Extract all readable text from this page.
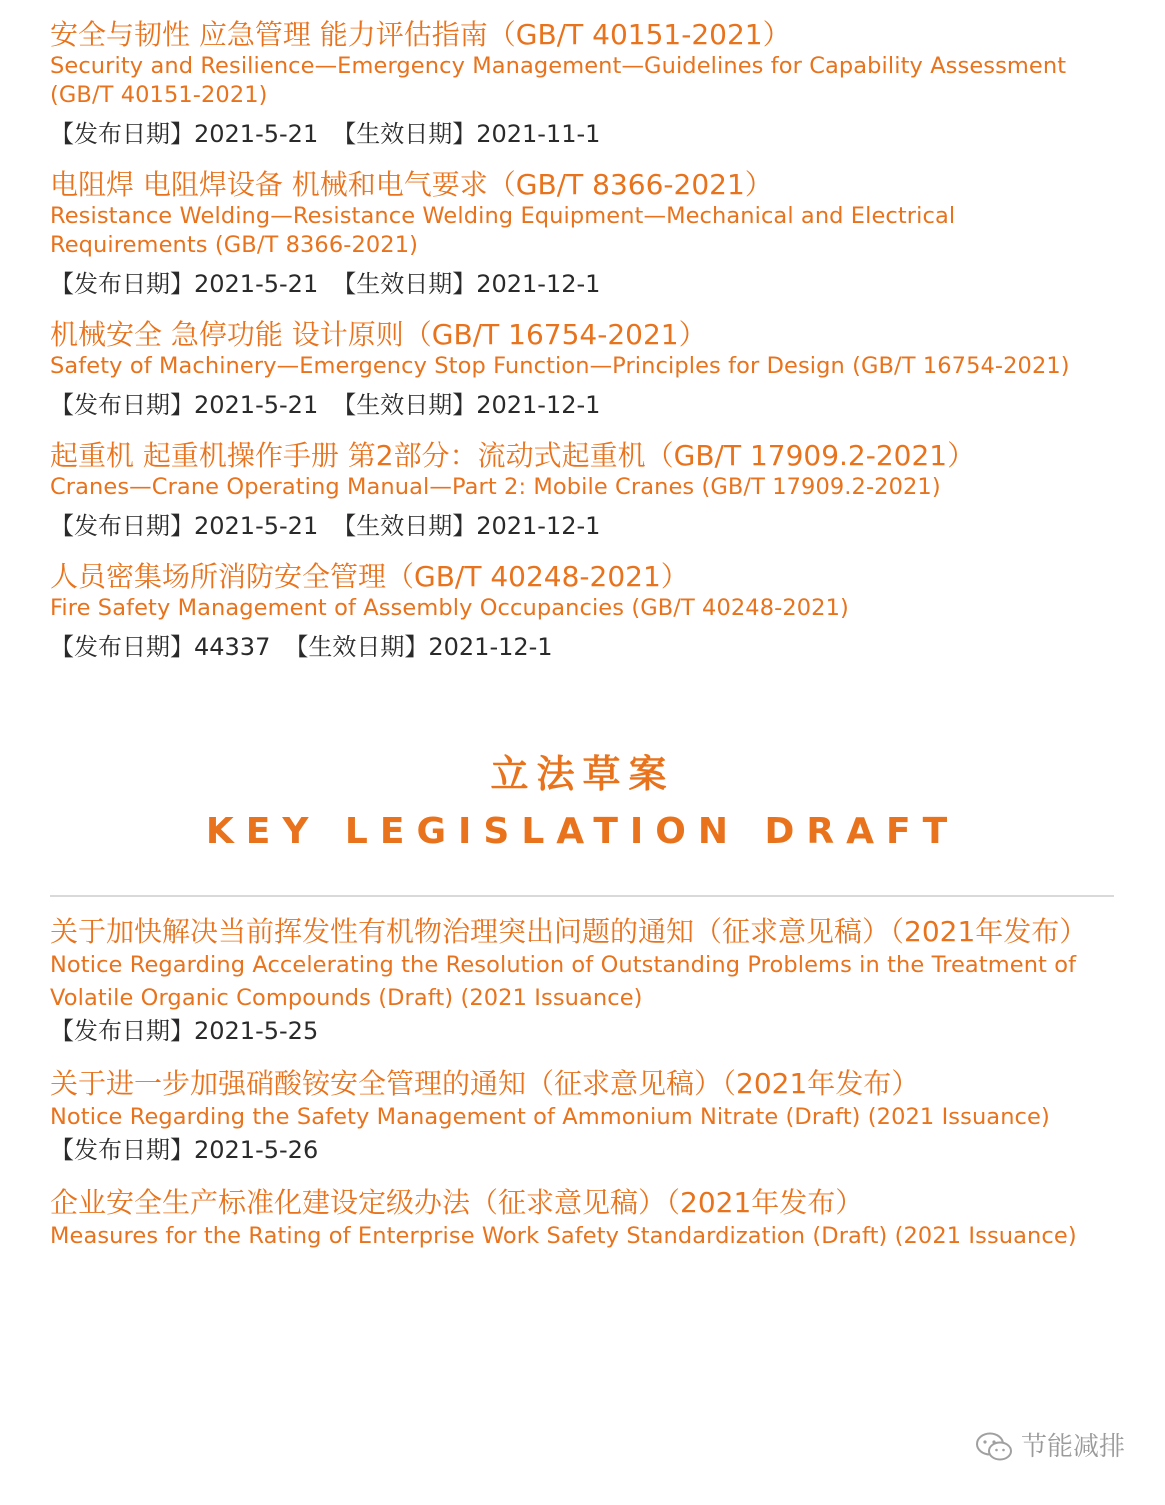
安全与韧性 应急管理 能力评估指南（GB/T 40151-2021）
Security and Resilience—Emergency Management—Guidelines for Capability Assessment (GB/T 40151-2021)
【发布日期】2021-5-21 【生效日期】2021-11-1
电阻焊 电阻焊设备 机械和电气要求（GB/T 8366-2021）
Resistance Welding—Resistance Welding Equipment—Mechanical and Electrical Requirements (GB/T 8366-2021)
【发布日期】2021-5-21 【生效日期】2021-12-1
机械安全 急停功能 设计原则（GB/T 16754-2021）
Safety of Machinery—Emergency Stop Function—Principles for Design (GB/T 16754-2021)
【发布日期】2021-5-21 【生效日期】2021-12-1
起重机 起重机操作手册 第2部分：流动式起重机（GB/T 17909.2-2021）
Cranes—Crane Operating Manual—Part 2: Mobile Cranes (GB/T 17909.2-2021)
【发布日期】2021-5-21 【生效日期】2021-12-1
人员密集场所消防安全管理（GB/T 40248-2021）
Fire Safety Management of Assembly Occupancies (GB/T 40248-2021)
【发布日期】44337 【生效日期】2021-12-1
立法草案
KEY LEGISLATION DRAFT
关于加快解决当前挥发性有机物治理突出问题的通知（征求意见稿）（2021年发布）
Notice Regarding Accelerating the Resolution of Outstanding Problems in the Treatment of Volatile Organic Compounds (Draft) (2021 Issuance)
【发布日期】2021-5-25
关于进一步加强硝酸铵安全管理的通知（征求意见稿）（2021年发布）
Notice Regarding the Safety Management of Ammonium Nitrate (Draft) (2021 Issuance)
【发布日期】2021-5-26
企业安全生产标准化建设定级办法（征求意见稿）（2021年发布）
Measures for the Rating of Enterprise Work Safety Standardization (Draft) (2021 Issuance)
节能减排
